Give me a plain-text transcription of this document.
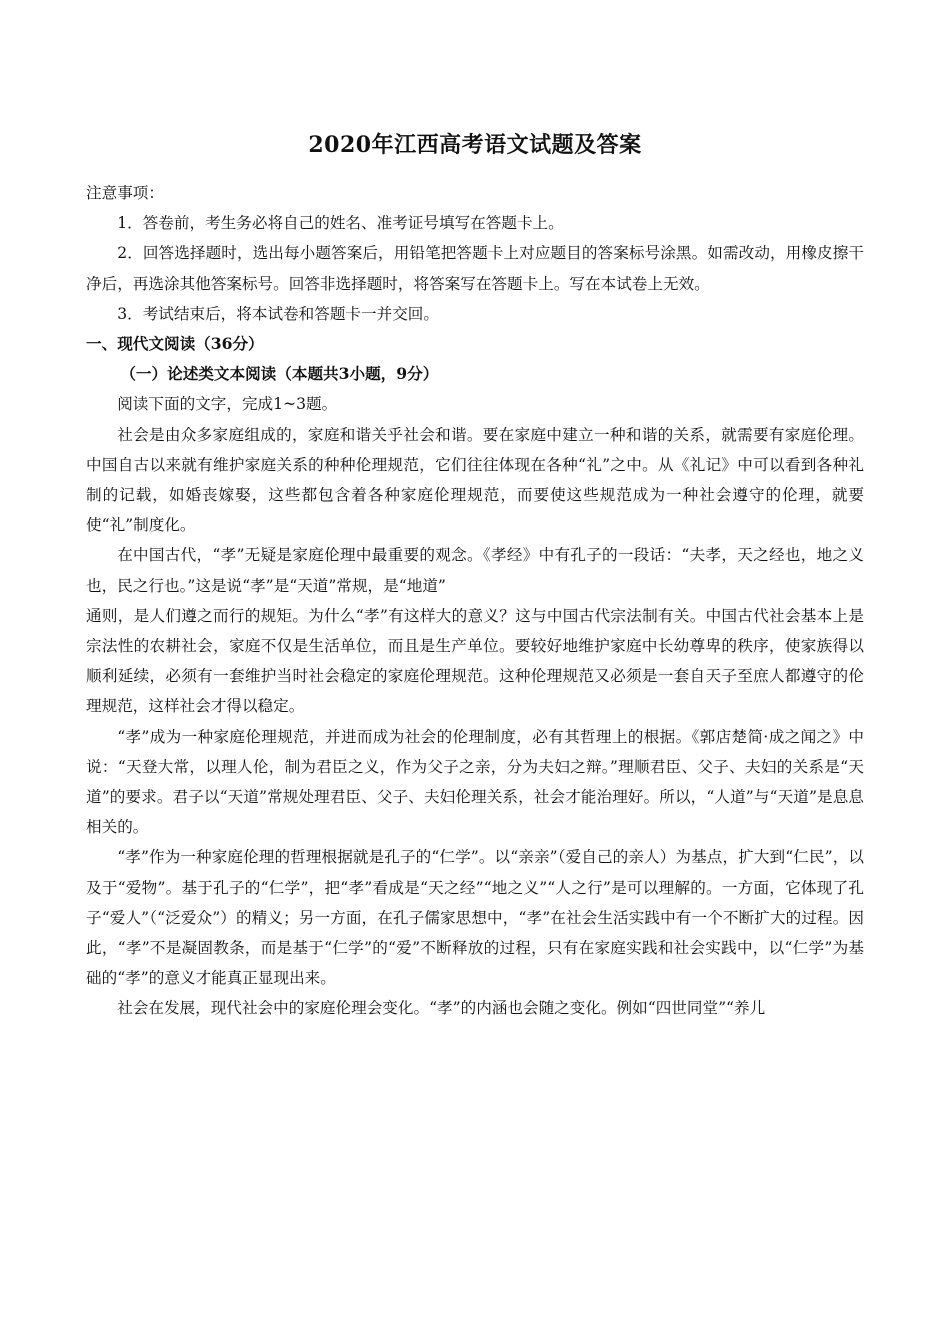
2020年江西高考语文试题及答案

注意事项：

1．答卷前，考生务必将自己的姓名、准考证号填写在答题卡上。

2．回答选择题时，选出每小题答案后，用铅笔把答题卡上对应题目的答案标号涂黑。如需改动，用橡皮擦干净后，再选涂其他答案标号。回答非选择题时，将答案写在答题卡上。写在本试卷上无效。

3．考试结束后，将本试卷和答题卡一并交回。

一、现代文阅读（36分）

（一）论述类文本阅读（本题共3小题，9分）

阅读下面的文字，完成1~3题。

社会是由众多家庭组成的，家庭和谐关乎社会和谐。要在家庭中建立一种和谐的关系，就需要有家庭伦理。中国自古以来就有维护家庭关系的种种伦理规范，它们往往体现在各种“礼”之中。从《礼记》中可以看到各种礼制的记载，如婚丧嫁娶，这些都包含着各种家庭伦理规范，而要使这些规范成为一种社会遵守的伦理，就要使“礼”制度化。

在中国古代，“孝”无疑是家庭伦理中最重要的观念。《孝经》中有孔子的一段话：“夫孝，天之经也，地之义也，民之行也。”这是说“孝”是“天道”常规，是“地道”

通则，是人们遵之而行的规矩。为什么“孝”有这样大的意义？这与中国古代宗法制有关。中国古代社会基本上是宗法性的农耕社会，家庭不仅是生活单位，而且是生产单位。要较好地维护家庭中长幼尊卑的秩序，使家族得以顺利延续，必须有一套维护当时社会稳定的家庭伦理规范。这种伦理规范又必须是一套自天子至庶人都遵守的伦理规范，这样社会才得以稳定。

“孝”成为一种家庭伦理规范，并进而成为社会的伦理制度，必有其哲理上的根据。《郭店楚简·成之闻之》中说：“天登大常，以理人伦，制为君臣之义，作为父子之亲，分为夫妇之辩。”理顺君臣、父子、夫妇的关系是“天道”的要求。君子以“天道”常规处理君臣、父子、夫妇伦理关系，社会才能治理好。所以，“人道”与“天道”是息息相关的。

“孝”作为一种家庭伦理的哲理根据就是孔子的“仁学”。以“亲亲”（爱自己的亲人）为基点，扩大到“仁民”，以及于“爱物”。基于孔子的“仁学”，把“孝”看成是“天之经”“地之义”“人之行”是可以理解的。一方面，它体现了孔子“爱人”（“泛爱众”）的精义；另一方面，在孔子儒家思想中，“孝”在社会生活实践中有一个不断扩大的过程。因此，“孝”不是凝固教条，而是基于“仁学”的“爱”不断释放的过程，只有在家庭实践和社会实践中，以“仁学”为基础的“孝”的意义才能真正显现出来。

社会在发展，现代社会中的家庭伦理会变化。“孝”的内涵也会随之变化。例如“四世同堂”“养儿
